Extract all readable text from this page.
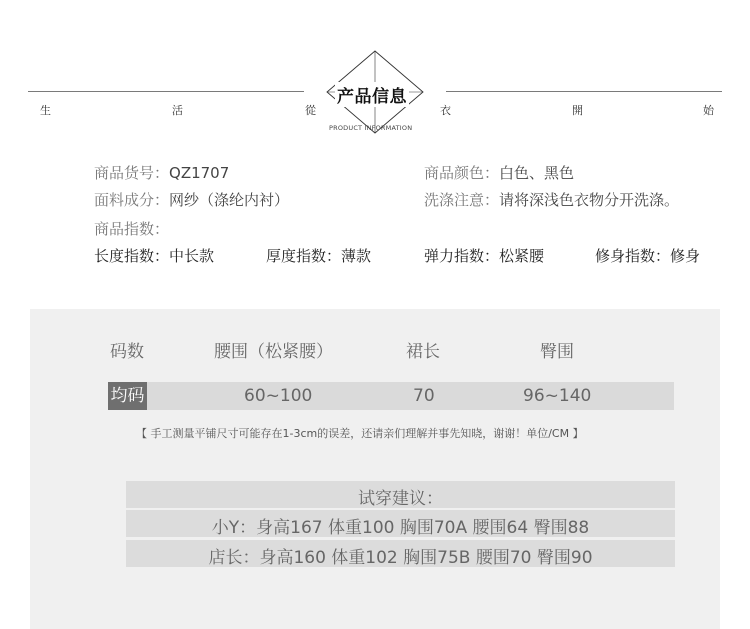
产品信息
PRODUCT INFORMATION
生	活	從	衣	開	始
商品货号：QZ1707	商品颜色：白色、黑色
面料成分：网纱（涤纶内衬）	洗涤注意：请将深浅色衣物分开洗涤。
商品指数：
长度指数：中长款	厚度指数：薄款	弹力指数：松紧腰	修身指数：修身
码数	腰围（松紧腰）	裙长	臀围
均码	60~100	70	96~140
【 手工测量平铺尺寸可能存在1-3cm的误差，还请亲们理解并事先知晓，谢谢！单位/CM 】
试穿建议：
小Y：身高167 体重100 胸围70A 腰围64 臀围88
店长：身高160 体重102 胸围75B 腰围70 臀围90
